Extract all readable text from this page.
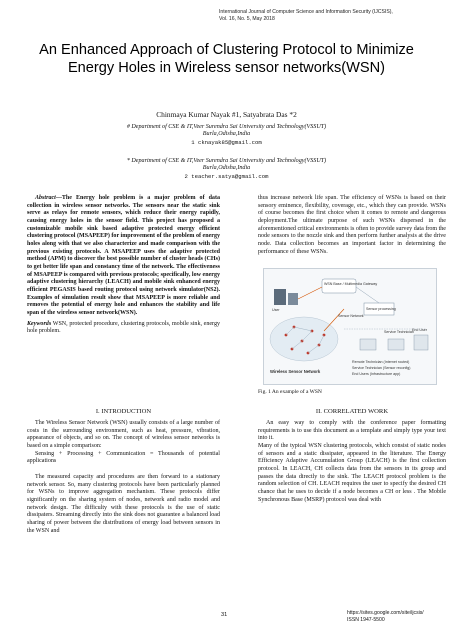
International Journal of Computer Science and Information Security (IJCSIS),
Vol. 16, No. 5, May 2018
An Enhanced Approach of Clustering Protocol to Minimize Energy Holes in Wireless sensor networks(WSN)
Chinmaya Kumar Nayak #1, Satyabrata Das *2
# Department of CSE & IT,Veer Surendra Sai University and Technology(VSSUT)
Burla,Odisha,India
1 cknayak85@gmail.com
* Department of CSE & IT,Veer Surendra Sai University and Technology(VSSUT)
Burla,Odisha,India
2 teacher.satya@gmail.com

Abstract—The Energy hole problem is a major problem of data collection in wireless sensor networks. The sensors near the static sink serve as relays for remote sensors, which reduce their energy rapidly, causing energy holes in the sensor field. This project has proposed a customizable mobile sink based adaptive protected energy efficient clustering protocol (MSAPEEP) for improvement of the problem of energy holes along with that we also characterize and made comparison with the previous existing protocols. A MSAPEEP uses the adaptive protected method (APM) to discover the best possible number of cluster heads (CHs) to get better life span and constancy time of the network. The effectiveness of MSAPEEP is compared with previous protocols; specifically, low energy adaptive clustering hierarchy (LEACH) and mobile sink enhanced energy efficient PEGASIS based routing protocol using network simulator(NS2). Examples of simulation result show that MSAPEEP is more reliable and removes the potential of energy hole and enhances the stability and life span of the wireless sensor network(WSN).

Keywords WSN, protected procedure, clustering protocols, mobile sink, energy hole problem.

thus increase network life span. The efficiency of WSNs is based on their sensory eminence, flexibility, coverage, etc., which they can provide. WSNs of course becomes the first choice when it comes to remote and dangerous deployment.The ultimate purpose of such WSNs dispersed in the aforementioned critical environments is often to provide survey data from the node sensors to the nozzle sink and then perform further analysis at the drive node. Data collection becomes an important factor in determining the performance of these WSNs.

WSN Base / Multimedia Gateway
User	Sensor processing
Sensor Network
Service Technician
End User
Wireless Sensor Network
Remote Technician (Internet routed)
Service Technician (Sensor reconfig)
End Users (Infrastructure app)
Fig. 1 An example of a WSN
I. INTRODUCTION	II. CORRELATED WORK

The Wireless Sensor Network (WSN) usually consists of a large number of costs in the surrounding environment, such as heat, pressure, vibration, appearance of objects, and so on. The concept of wireless sensor networks is based on a simple comparison:

Sensing + Processing + Communication = Thousands of potential applications

The measured capacity and procedures are then forward to a stationary network sensor. So, many clustering protocols have been particularly planned for WSNs to improve aggregation mechanism. These protocols differ significantly on the sharing system of nodes, network and radio model and network design. The difficulty with these protocols is the use of static dissipaters. Streaming directly into the sink does not guarantee a balanced load sharing of power between the distributions of energy load between sensors in the WSN and

An easy way to comply with the conference paper formatting requirements is to use this document as a template and simply type your text into it.

Many of the typical WSN clustering protocols, which consist of static nodes of sensors and a static dissipater, appeared in the literature. The Energy Efficiency Adaptive Accumulation Group (LEACH) is the first collection protocol. In LEACH, CH collects data from the sensors in its group and passes the data directly to the sink. The LEACH protocol problem is the random selection of CH. LEACH requires the user to specify the desired CH chance that he uses to decide if a node becomes a CH or less . The Mobile Synchronous Base (MSRP) protocol was deal with

31	https://sites.google.com/site/ijcsis/
ISSN 1947-5500
